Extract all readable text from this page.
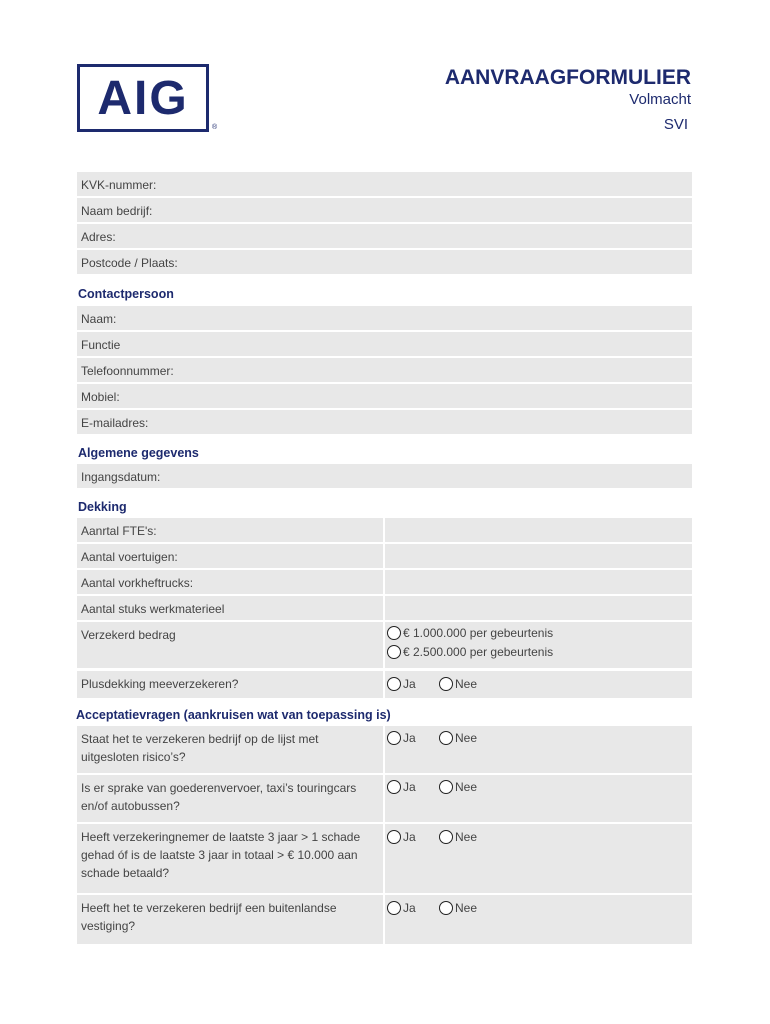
AIG
®
AANVRAAGFORMULIER
Volmacht
SVI
KVK-nummer:
Naam bedrijf:
Adres:
Postcode / Plaats:
Contactpersoon
Naam:
Functie
Telefoonnummer:
Mobiel:
E-mailadres:
Algemene gegevens
Ingangsdatum:
Dekking
Aanrtal FTE's:
Aantal voertuigen:
Aantal vorkheftrucks:
Aantal stuks werkmaterieel
Verzekerd bedrag	€ 1.000.000 per gebeurtenis
€ 2.500.000 per gebeurtenis
Plusdekking meeverzekeren?	Ja	Nee
Acceptatievragen (aankruisen wat van toepassing is)
Staat het te verzekeren bedrijf op de lijst met uitgesloten risico’s?
Ja	Nee
Is er sprake van goederenvervoer, taxi’s touringcars en/of autobussen?
Ja	Nee
Heeft verzekeringnemer de laatste 3 jaar > 1 schade gehad óf is de laatste 3 jaar in totaal > € 10.000 aan schade betaald?
Ja	Nee
Heeft het te verzekeren bedrijf een buitenlandse vestiging?
Ja	Nee
